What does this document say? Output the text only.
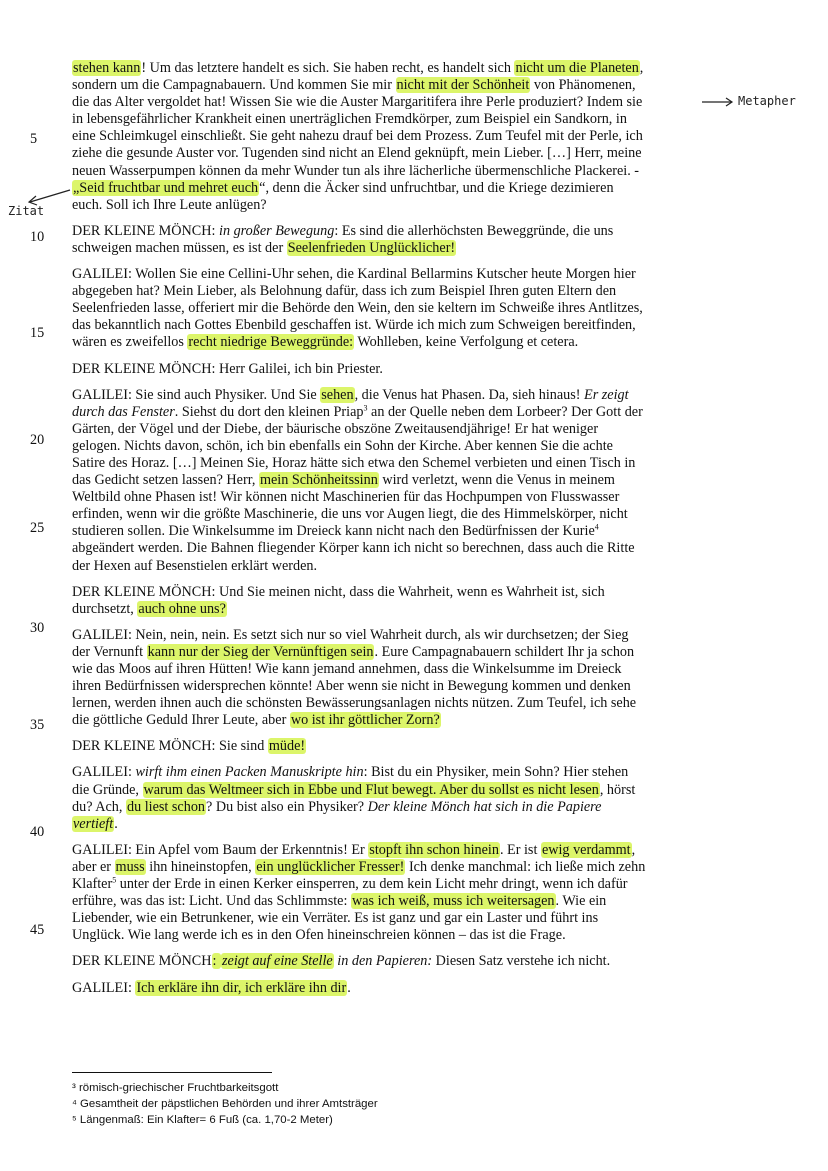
5
10
15
20
25
30
35
40
45
Metapher
Zitat
stehen kann! Um das letztere handelt es sich. Sie haben recht, es handelt sich nicht um die Planeten,
sondern um die Campagnabauern. Und kommen Sie mir nicht mit der Schönheit von Phänomenen,
die das Alter vergoldet hat! Wissen Sie wie die Auster Margaritifera ihre Perle produziert? Indem sie
in lebensgefährlicher Krankheit einen unerträglichen Fremdkörper, zum Beispiel ein Sandkorn, in
eine Schleimkugel einschließt. Sie geht nahezu drauf bei dem Prozess. Zum Teufel mit der Perle, ich
ziehe die gesunde Auster vor. Tugenden sind nicht an Elend geknüpft, mein Lieber. […] Herr, meine
neuen Wasserpumpen können da mehr Wunder tun als ihre lächerliche übermenschliche Plackerei. -
„Seid fruchtbar und mehret euch“, denn die Äcker sind unfruchtbar, und die Kriege dezimieren
euch. Soll ich Ihre Leute anlügen?
DER KLEINE MÖNCH: in großer Bewegung: Es sind die allerhöchsten Beweggründe, die uns
schweigen machen müssen, es ist der Seelenfrieden Unglücklicher!
GALILEI: Wollen Sie eine Cellini-Uhr sehen, die Kardinal Bellarmins Kutscher heute Morgen hier
abgegeben hat? Mein Lieber, als Belohnung dafür, dass ich zum Beispiel Ihren guten Eltern den
Seelenfrieden lasse, offeriert mir die Behörde den Wein, den sie keltern im Schweiße ihres Antlitzes,
das bekanntlich nach Gottes Ebenbild geschaffen ist. Würde ich mich zum Schweigen bereitfinden,
wären es zweifellos recht niedrige Beweggründe: Wohlleben, keine Verfolgung et cetera.
DER KLEINE MÖNCH: Herr Galilei, ich bin Priester.
GALILEI: Sie sind auch Physiker. Und Sie sehen, die Venus hat Phasen. Da, sieh hinaus! Er zeigt
durch das Fenster. Siehst du dort den kleinen Priap$^3$ an der Quelle neben dem Lorbeer? Der Gott der
Gärten, der Vögel und der Diebe, der bäurische obszöne Zweitausendjährige! Er hat weniger
gelogen. Nichts davon, schön, ich bin ebenfalls ein Sohn der Kirche. Aber kennen Sie die achte
Satire des Horaz. […] Meinen Sie, Horaz hätte sich etwa den Schemel verbieten und einen Tisch in
das Gedicht setzen lassen? Herr, mein Schönheitssinn wird verletzt, wenn die Venus in meinem
Weltbild ohne Phasen ist! Wir können nicht Maschinerien für das Hochpumpen von Flusswasser
erfinden, wenn wir die größte Maschinerie, die uns vor Augen liegt, die des Himmelskörper, nicht
studieren sollen. Die Winkelsumme im Dreieck kann nicht nach den Bedürfnissen der Kurie$^4$
abgeändert werden. Die Bahnen fliegender Körper kann ich nicht so berechnen, dass auch die Ritte
der Hexen auf Besenstielen erklärt werden.
DER KLEINE MÖNCH: Und Sie meinen nicht, dass die Wahrheit, wenn es Wahrheit ist, sich
durchsetzt, auch ohne uns?
GALILEI: Nein, nein, nein. Es setzt sich nur so viel Wahrheit durch, als wir durchsetzen; der Sieg
der Vernunft kann nur der Sieg der Vernünftigen sein. Eure Campagnabauern schildert Ihr ja schon
wie das Moos auf ihren Hütten! Wie kann jemand annehmen, dass die Winkelsumme im Dreieck
ihren Bedürfnissen widersprechen könnte! Aber wenn sie nicht in Bewegung kommen und denken
lernen, werden ihnen auch die schönsten Bewässerungsanlagen nichts nützen. Zum Teufel, ich sehe
die göttliche Geduld Ihrer Leute, aber wo ist ihr göttlicher Zorn?
DER KLEINE MÖNCH: Sie sind müde!
GALILEI: wirft ihm einen Packen Manuskripte hin: Bist du ein Physiker, mein Sohn? Hier stehen
die Gründe, warum das Weltmeer sich in Ebbe und Flut bewegt. Aber du sollst es nicht lesen, hörst
du? Ach, du liest schon? Du bist also ein Physiker? Der kleine Mönch hat sich in die Papiere
vertieft.
GALILEI: Ein Apfel vom Baum der Erkenntnis! Er stopft ihn schon hinein. Er ist ewig verdammt,
aber er muss ihn hineinstopfen, ein unglücklicher Fresser! Ich denke manchmal: ich ließe mich zehn
Klafter$^5$ unter der Erde in einen Kerker einsperren, zu dem kein Licht mehr dringt, wenn ich dafür
erführe, was das ist: Licht. Und das Schlimmste: was ich weiß, muss ich weitersagen. Wie ein
Liebender, wie ein Betrunkener, wie ein Verräter. Es ist ganz und gar ein Laster und führt ins
Unglück. Wie lang werde ich es in den Ofen hineinschreien können – das ist die Frage.
DER KLEINE MÖNCH: zeigt auf eine Stelle in den Papieren: Diesen Satz verstehe ich nicht.
GALILEI: Ich erkläre ihn dir, ich erkläre ihn dir.
³ römisch-griechischer Fruchtbarkeitsgott
⁴ Gesamtheit der päpstlichen Behörden und ihrer Amtsträger
⁵ Längenmaß: Ein Klafter= 6 Fuß (ca. 1,70-2 Meter)
